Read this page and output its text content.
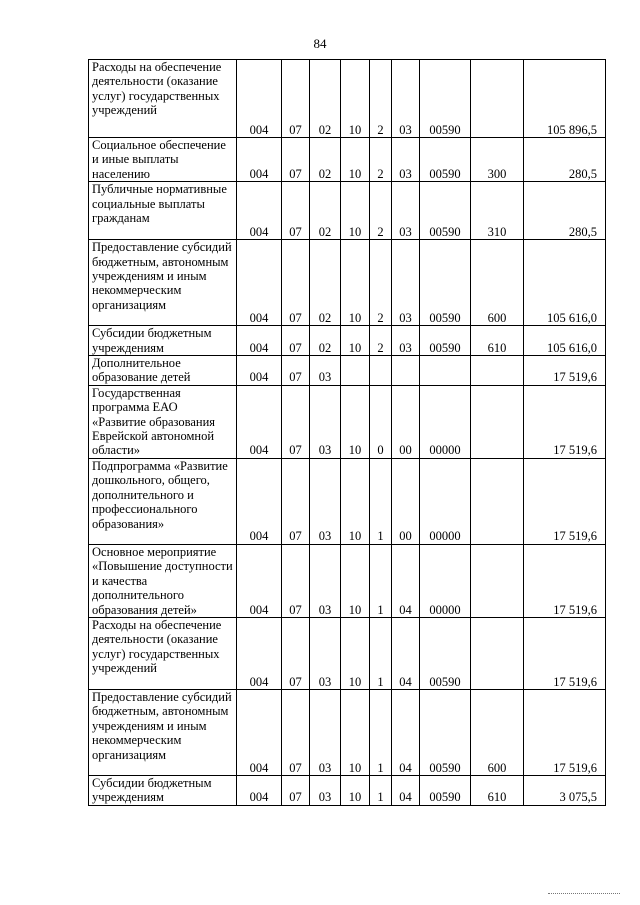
84
Расходы на обеспечение деятельности (оказание услуг) государственных учреждений	004	07	02	10	2	03	00590		105 896,5
Социальное обеспечение и иные выплаты населению	004	07	02	10	2	03	00590	300	280,5
Публичные нормативные социальные выплаты гражданам	004	07	02	10	2	03	00590	310	280,5
Предоставление субсидий бюджетным, автономным учреждениям и иным некоммерческим организациям	004	07	02	10	2	03	00590	600	105 616,0
Субсидии бюджетным учреждениям	004	07	02	10	2	03	00590	610	105 616,0
Дополнительное образование детей	004	07	03						17 519,6
Государственная программа ЕАО «Развитие образования Еврейской автономной области»	004	07	03	10	0	00	00000		17 519,6
Подпрограмма «Развитие дошкольного, общего, дополнительного и профессионального образования»	004	07	03	10	1	00	00000		17 519,6
Основное мероприятие «Повышение доступности и качества дополнительного образования детей»	004	07	03	10	1	04	00000		17 519,6
Расходы на обеспечение деятельности (оказание услуг) государственных учреждений	004	07	03	10	1	04	00590		17 519,6
Предоставление субсидий бюджетным, автономным учреждениям и иным некоммерческим организациям	004	07	03	10	1	04	00590	600	17 519,6
Субсидии бюджетным учреждениям	004	07	03	10	1	04	00590	610	3 075,5
